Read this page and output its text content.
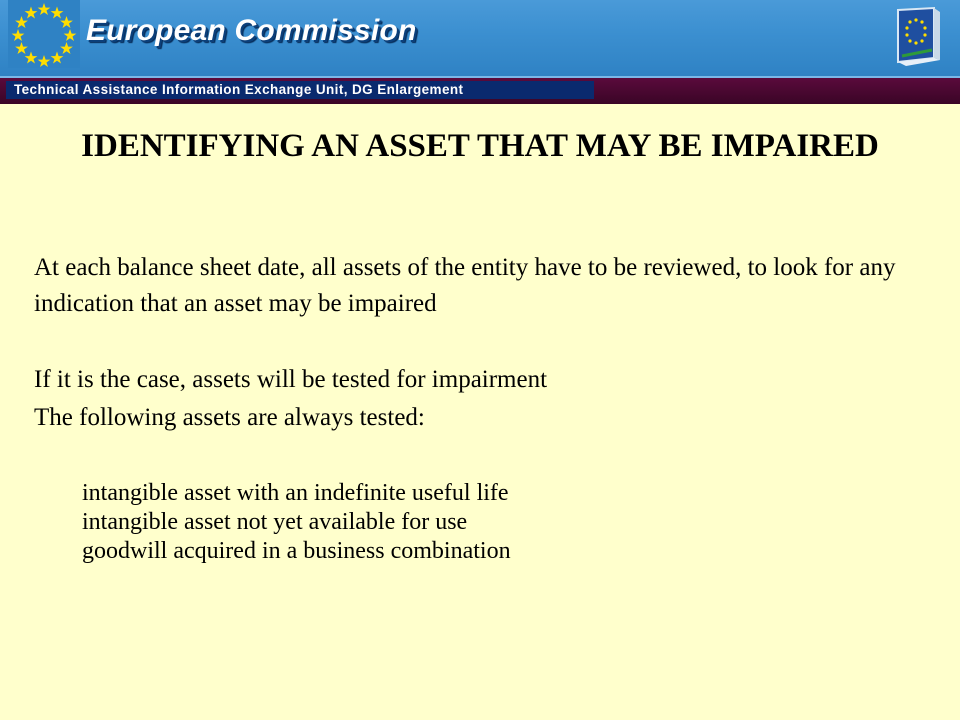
European Commission
Technical Assistance Information Exchange Unit, DG Enlargement
IDENTIFYING AN ASSET THAT MAY BE IMPAIRED
At each balance sheet date, all assets of the entity have to be reviewed, to look for any indication that an asset may be impaired
If it is the case, assets will be tested for impairment
The following assets are always tested:
intangible asset with an indefinite useful life
intangible asset not yet available for use
goodwill acquired in a business combination
